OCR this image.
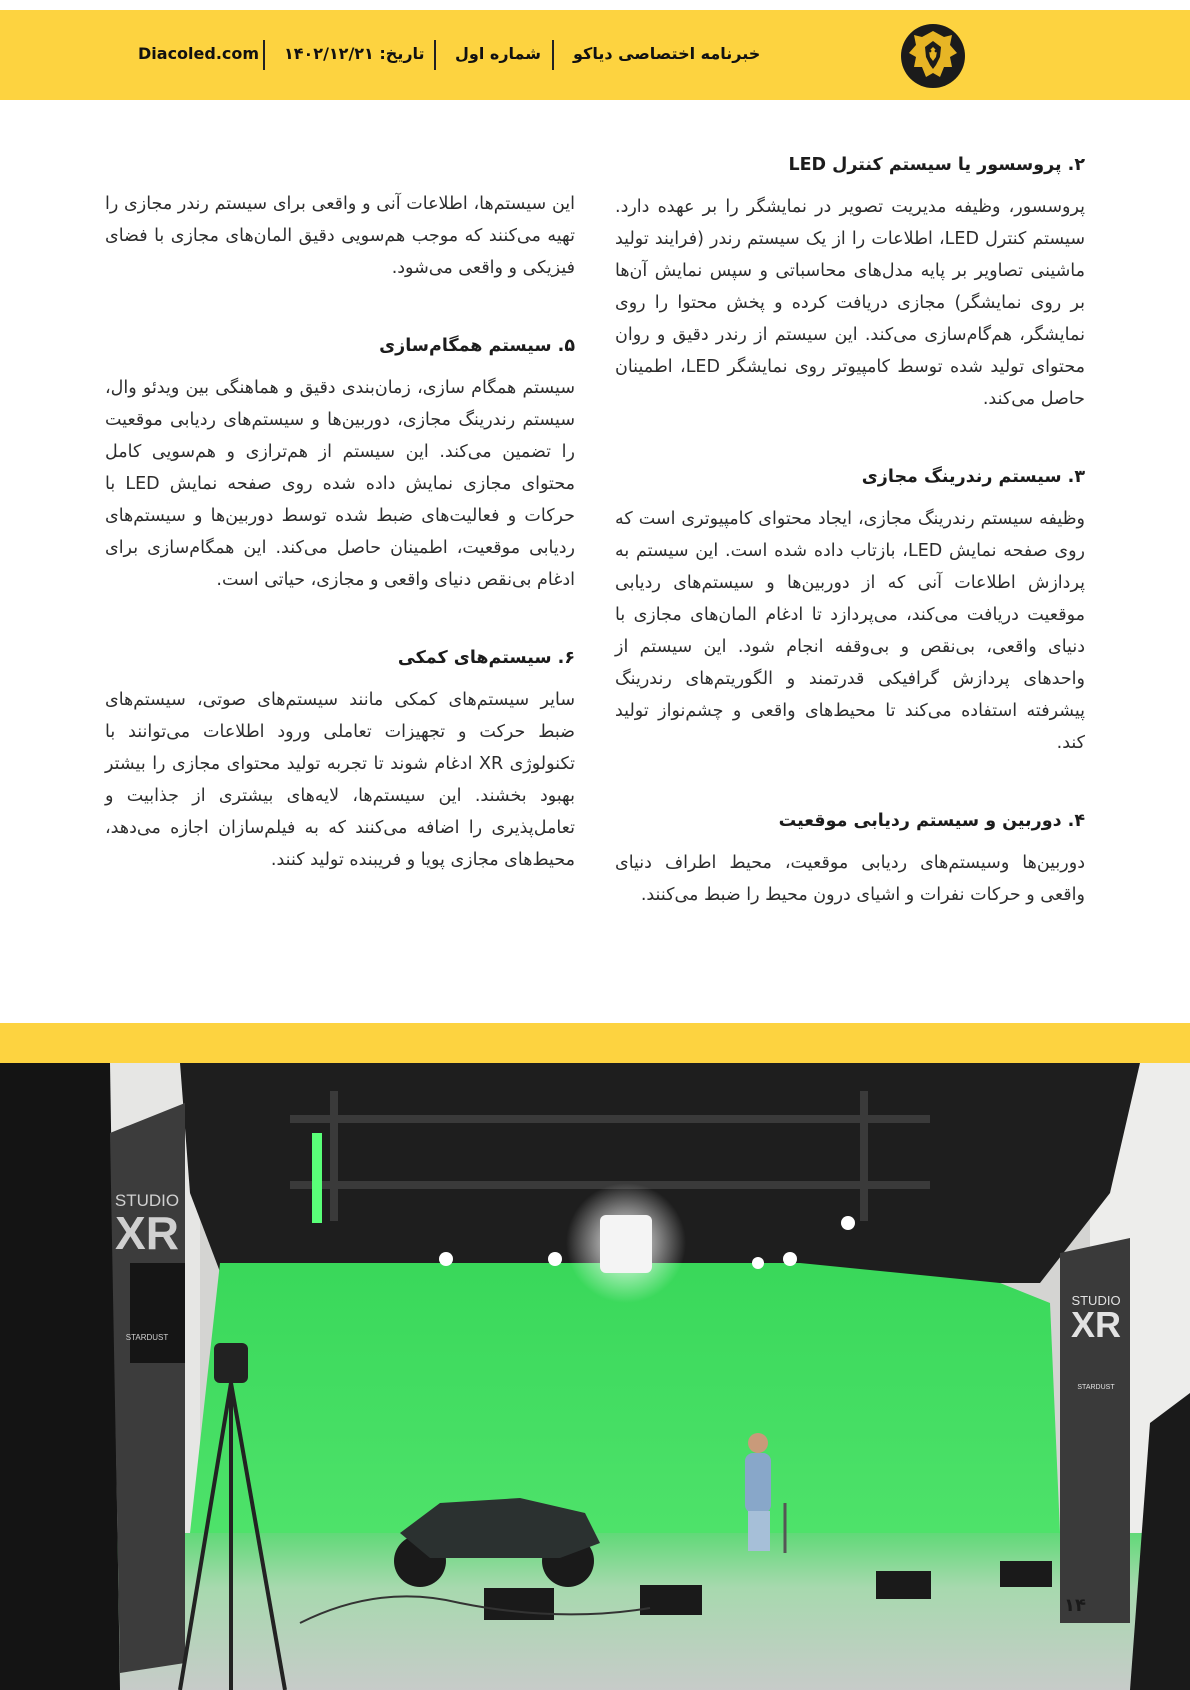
خبرنامه اختصاصی دیاکو
شماره اول
تاریخ: ۱۴۰۲/۱۲/۲۱
Diacoled.com
۲. پروسسور یا سیستم کنترل LED

پروسسور، وظیفه مدیریت تصویر در نمایشگر را بر عهده دارد. سیستم کنترل LED، اطلاعات را از یک سیستم رندر (فرایند تولید ماشینی تصاویر بر پایه مدل‌های محاسباتی و سپس نمایش آن‌ها بر روی نمایشگر) مجازی دریافت کرده و پخش محتوا را روی نمایشگر، هم‌گام‌سازی می‌کند. این سیستم از رندر دقیق و روان محتوای تولید شده توسط کامپیوتر روی نمایشگر LED، اطمینان حاصل می‌کند.

۳. سیستم رندرینگ مجازی

وظیفه سیستم رندرینگ مجازی، ایجاد محتوای کامپیوتری است که روی صفحه نمایش LED، بازتاب داده شده است. این سیستم به پردازش اطلاعات آنی که از دوربین‌ها و سیستم‌های ردیابی موقعیت دریافت می‌کند، می‌پردازد تا ادغام المان‌های مجازی با دنیای واقعی، بی‌نقص و بی‌وقفه انجام شود. این سیستم از واحدهای پردازش گرافیکی قدرتمند و الگوریتم‌های رندرینگ پیشرفته استفاده می‌کند تا محیط‌های واقعی و چشم‌نواز تولید کند.

۴. دوربین و سیستم ردیابی موقعیت

دوربین‌ها وسیستم‌های ردیابی موقعیت، محیط اطراف دنیای واقعی و حرکات نفرات و اشیای درون محیط را ضبط می‌کنند.

این سیستم‌ها، اطلاعات آنی و واقعی برای سیستم رندر مجازی را تهیه می‌کنند که موجب هم‌سویی دقیق المان‌های مجازی با فضای فیزیکی و واقعی می‌شود.

۵. سیستم همگام‌سازی

سیستم همگام سازی، زمان‌بندی دقیق و هماهنگی بین ویدئو وال، سیستم رندرینگ مجازی، دوربین‌ها و سیستم‌های ردیابی موقعیت را تضمین می‌کند. این سیستم از هم‌ترازی و هم‌سویی کامل محتوای مجازی نمایش داده شده روی صفحه نمایش LED با حرکات و فعالیت‌های ضبط شده توسط دوربین‌ها و سیستم‌های ردیابی موقعیت، اطمینان حاصل می‌کند. این همگام‌سازی برای ادغام بی‌نقص دنیای واقعی و مجازی، حیاتی است.

۶. سیستم‌های کمکی

سایر سیستم‌های کمکی مانند سیستم‌های صوتی، سیستم‌های ضبط حرکت و تجهیزات تعاملی ورود اطلاعات می‌توانند با تکنولوژی XR ادغام شوند تا تجربه تولید محتوای مجازی را بیشتر بهبود بخشند. این سیستم‌ها، لایه‌های بیشتری از جذابیت و تعامل‌پذیری را اضافه می‌کنند که به فیلم‌سازان اجازه می‌دهد، محیط‌های مجازی پویا و فریبنده تولید کنند.

STUDIO
XR
STARDUST
STUDIO
XR
STARDUST
۱۴
